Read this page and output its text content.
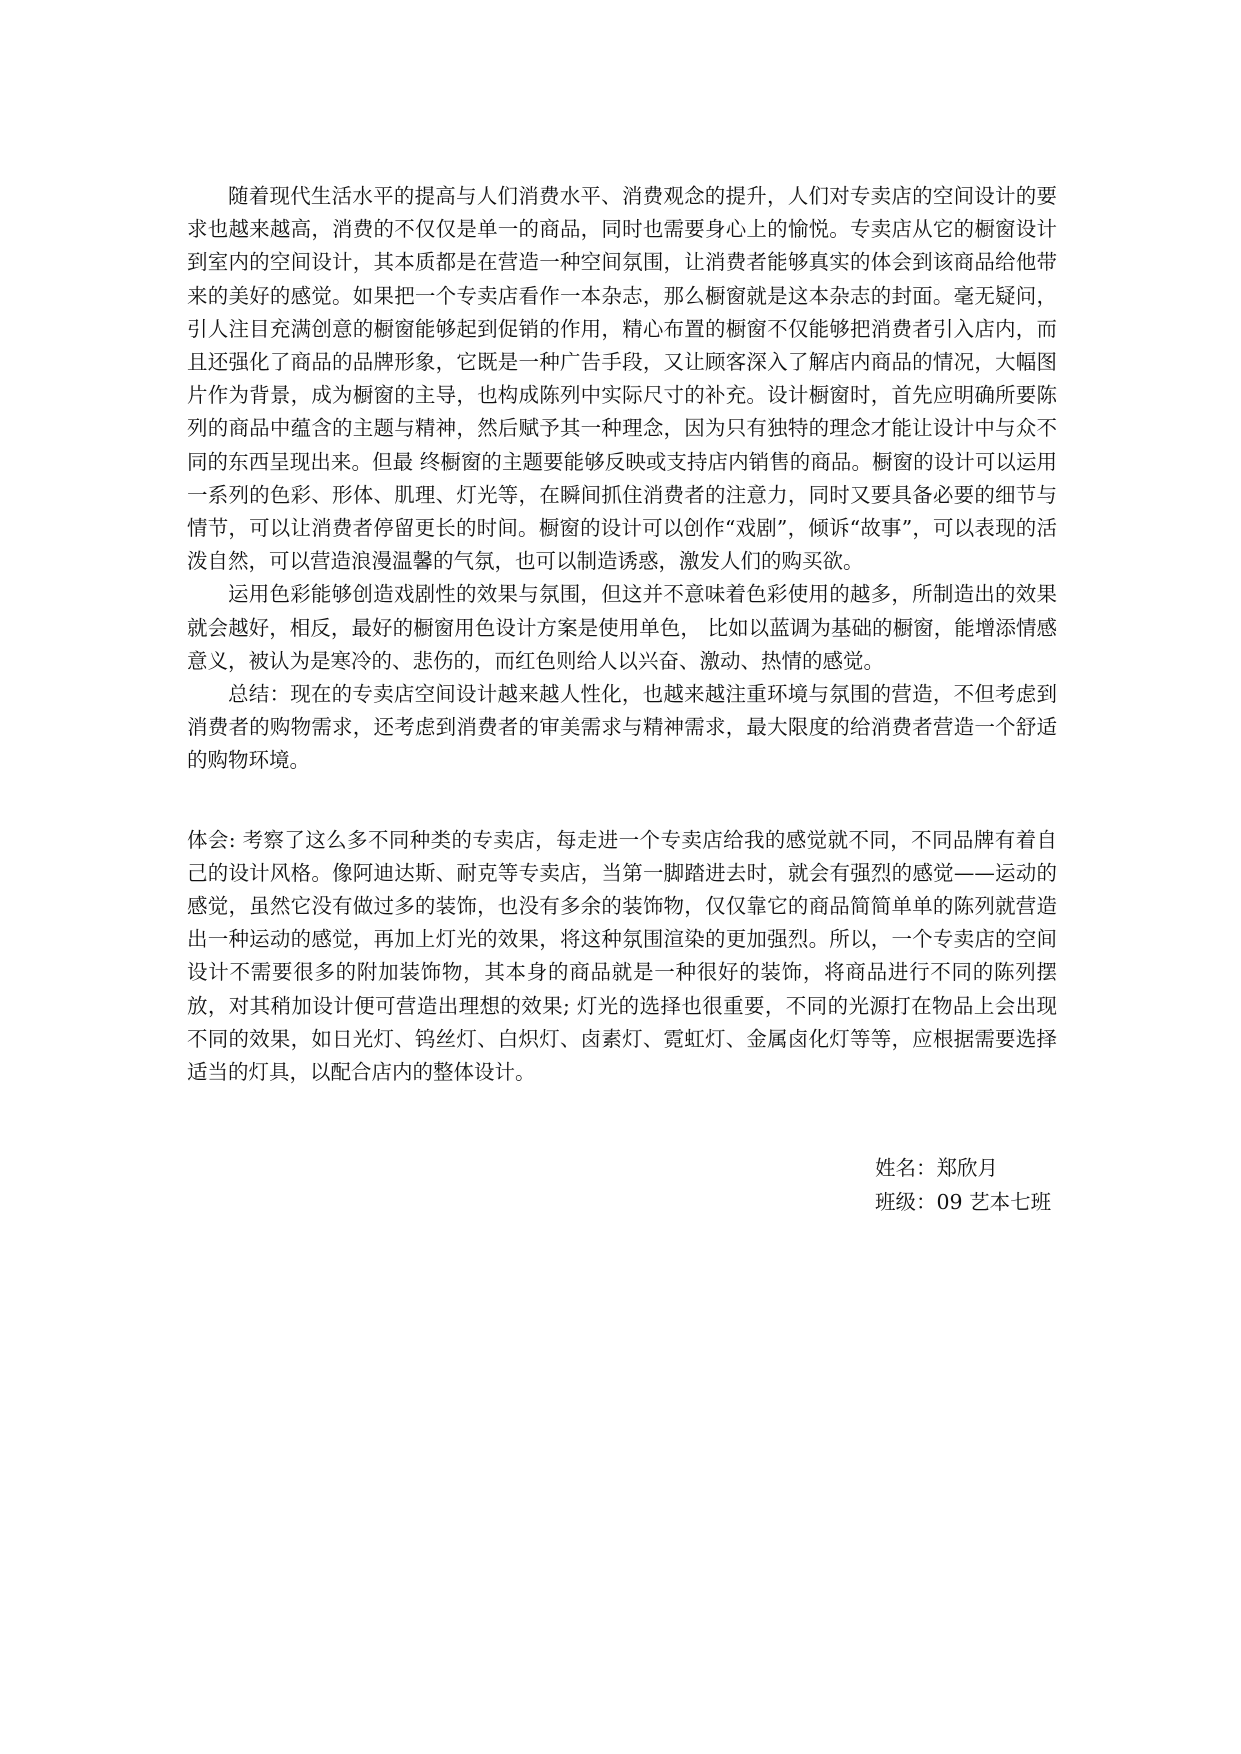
随着现代生活水平的提高与人们消费水平、消费观念的提升，人们对专卖店的空间设计的要求也越来越高，消费的不仅仅是单一的商品，同时也需要身心上的愉悦。专卖店从它的橱窗设计到室内的空间设计，其本质都是在营造一种空间氛围，让消费者能够真实的体会到该商品给他带来的美好的感觉。如果把一个专卖店看作一本杂志，那么橱窗就是这本杂志的封面。毫无疑问，引人注目充满创意的橱窗能够起到促销的作用，精心布置的橱窗不仅能够把消费者引入店内，而且还强化了商品的品牌形象，它既是一种广告手段，又让顾客深入了解店内商品的情况，大幅图片作为背景，成为橱窗的主导，也构成陈列中实际尺寸的补充。设计橱窗时，首先应明确所要陈列的商品中蕴含的主题与精神，然后赋予其一种理念，因为只有独特的理念才能让设计中与众不同的东西呈现出来。但最 终橱窗的主题要能够反映或支持店内销售的商品。橱窗的设计可以运用一系列的色彩、形体、肌理、灯光等，在瞬间抓住消费者的注意力，同时又要具备必要的细节与情节，可以让消费者停留更长的时间。橱窗的设计可以创作“戏剧”，倾诉“故事”，可以表现的活泼自然，可以营造浪漫温馨的气氛，也可以制造诱惑，激发人们的购买欲。

运用色彩能够创造戏剧性的效果与氛围，但这并不意味着色彩使用的越多，所制造出的效果就会越好，相反，最好的橱窗用色设计方案是使用单色， 比如以蓝调为基础的橱窗，能增添情感意义，被认为是寒冷的、悲伤的，而红色则给人以兴奋、激动、热情的感觉。

总结：现在的专卖店空间设计越来越人性化，也越来越注重环境与氛围的营造，不但考虑到消费者的购物需求，还考虑到消费者的审美需求与精神需求，最大限度的给消费者营造一个舒适的购物环境。

体会: 考察了这么多不同种类的专卖店，每走进一个专卖店给我的感觉就不同，不同品牌有着自己的设计风格。像阿迪达斯、耐克等专卖店，当第一脚踏进去时，就会有强烈的感觉——运动的感觉，虽然它没有做过多的装饰，也没有多余的装饰物，仅仅靠它的商品简简单单的陈列就营造出一种运动的感觉，再加上灯光的效果，将这种氛围渲染的更加强烈。所以，一个专卖店的空间设计不需要很多的附加装饰物，其本身的商品就是一种很好的装饰，将商品进行不同的陈列摆放，对其稍加设计便可营造出理想的效果; 灯光的选择也很重要，不同的光源打在物品上会出现不同的效果，如日光灯、钨丝灯、白炽灯、卤素灯、霓虹灯、金属卤化灯等等，应根据需要选择适当的灯具，以配合店内的整体设计。

姓名：郑欣月
班级：09 艺本七班
